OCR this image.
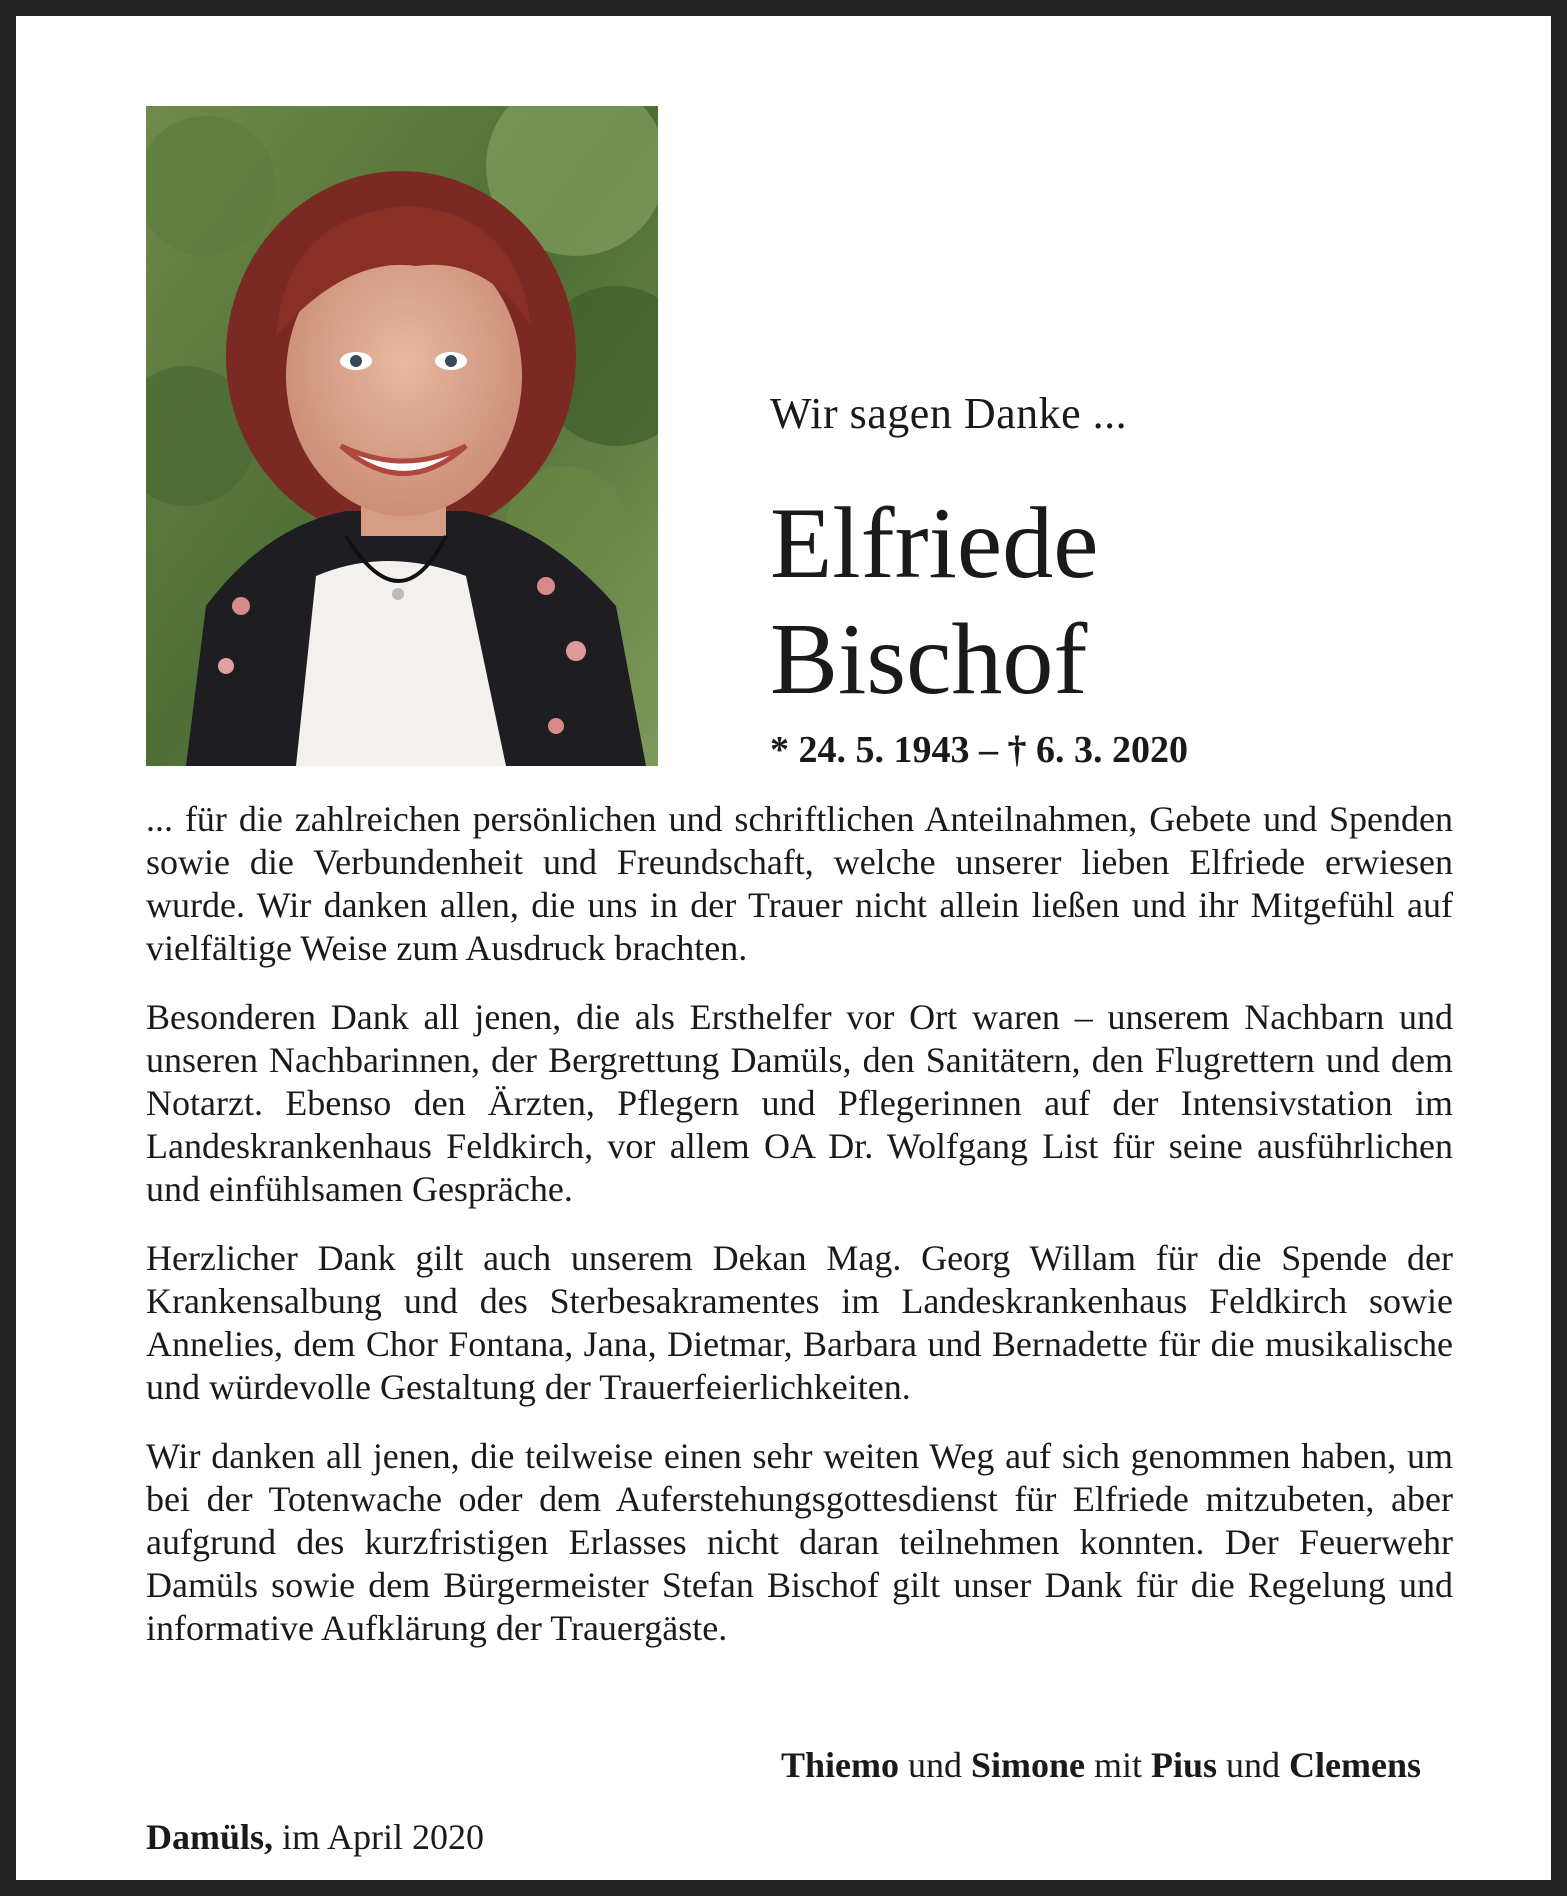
Wir sagen Danke ...
Elfriede
Bischof
* 24. 5. 1943 – † 6. 3. 2020

... für die zahlreichen persönlichen und schriftlichen Anteilnahmen, Gebete und Spenden sowie die Verbundenheit und Freundschaft, welche unserer lieben Elfriede erwiesen wurde. Wir danken allen, die uns in der Trauer nicht allein ließen und ihr Mitgefühl auf vielfältige Weise zum Ausdruck brachten.

Besonderen Dank all jenen, die als Ersthelfer vor Ort waren – unserem Nachbarn und unseren Nachbarinnen, der Bergrettung Damüls, den Sanitätern, den Flugrettern und dem Notarzt. Ebenso den Ärzten, Pflegern und Pflegerinnen auf der Intensivstation im Landeskrankenhaus Feldkirch, vor allem OA Dr. Wolfgang List für seine ausführlichen und einfühlsamen Gespräche.

Herzlicher Dank gilt auch unserem Dekan Mag. Georg Willam für die Spende der Krankensalbung und des Sterbesakramentes im Landeskrankenhaus Feldkirch sowie Annelies, dem Chor Fontana, Jana, Dietmar, Barbara und Bernadette für die musikalische und würdevolle Gestaltung der Trauerfeierlichkeiten.

Wir danken all jenen, die teilweise einen sehr weiten Weg auf sich genommen haben, um bei der Totenwache oder dem Auferstehungsgottesdienst für Elfriede mitzubeten, aber aufgrund des kurzfristigen Erlasses nicht daran teilnehmen konnten. Der Feuerwehr Damüls sowie dem Bürgermeister Stefan Bischof gilt unser Dank für die Regelung und informative Aufklärung der Trauergäste.

Thiemo und Simone mit Pius und Clemens
Damüls, im April 2020
